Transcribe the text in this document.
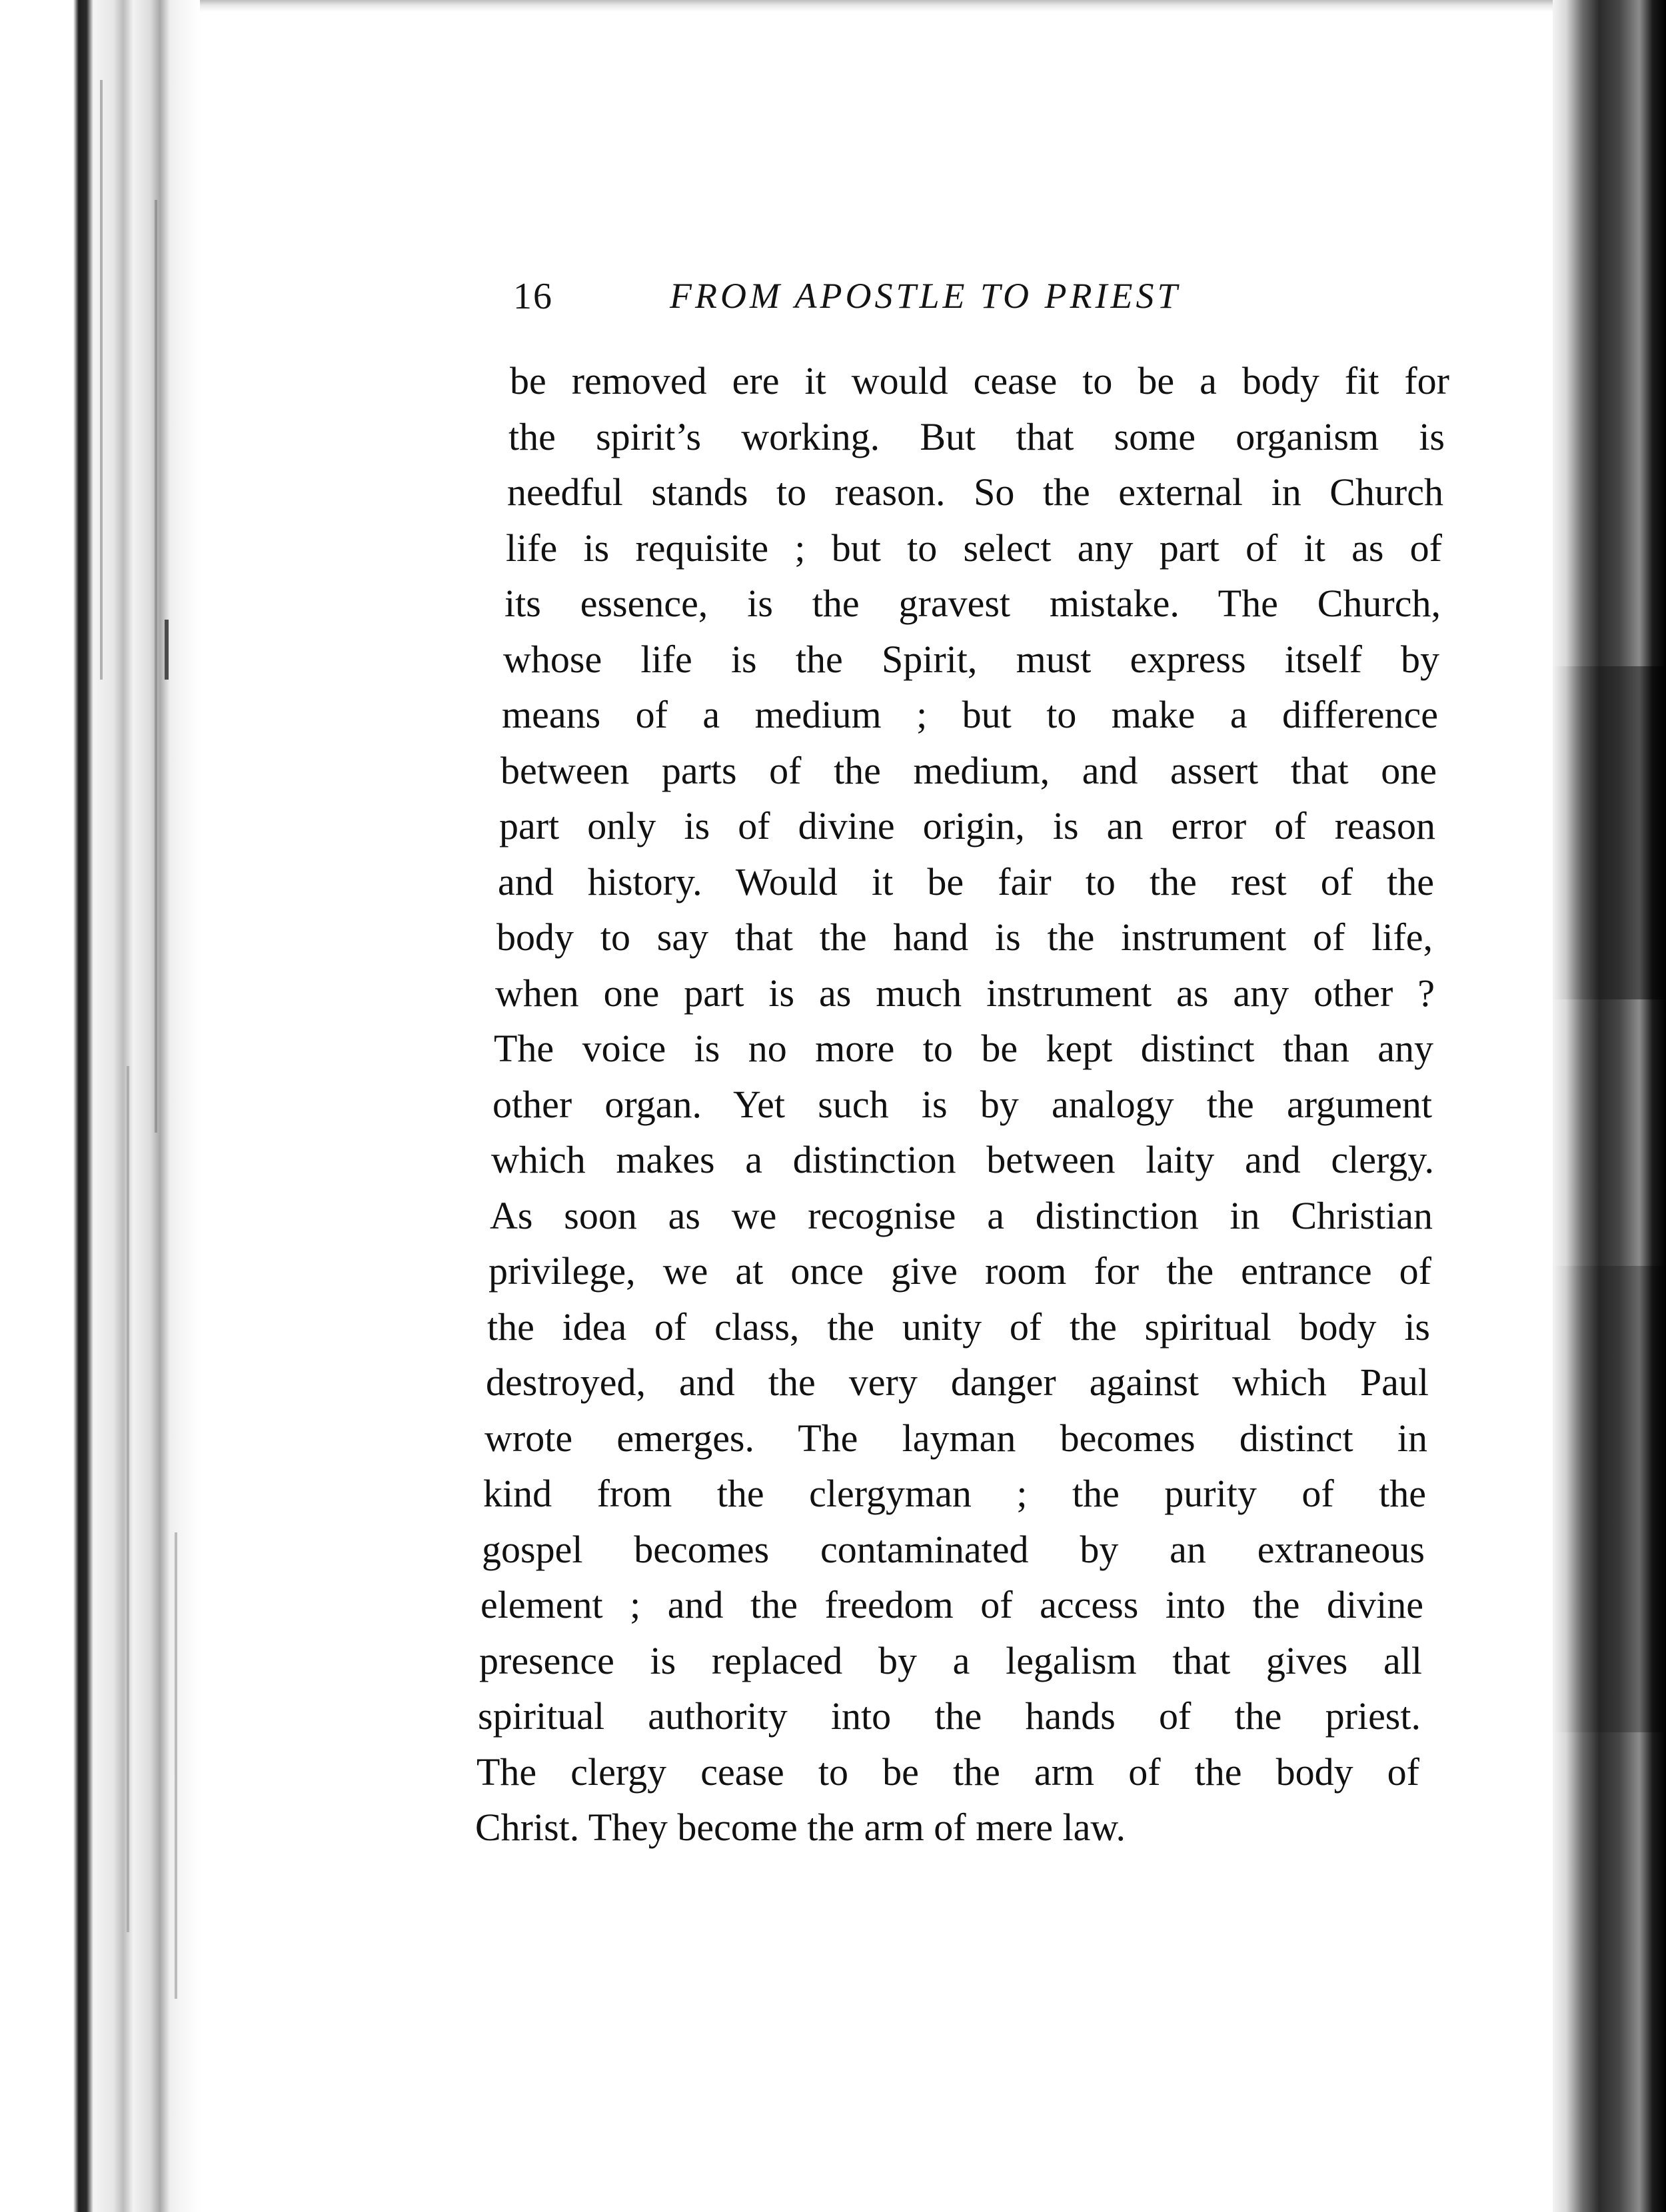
16	FROM APOSTLE TO PRIEST
be removed ere it would cease to be a body fit for
the spirit’s working. But that some organism is
needful stands to reason. So the external in Church
life is requisite ; but to select any part of it as of
its essence, is the gravest mistake. The Church,
whose life is the Spirit, must express itself by
means of a medium ; but to make a difference
between parts of the medium, and assert that one
part only is of divine origin, is an error of reason
and history. Would it be fair to the rest of the
body to say that the hand is the instrument of life,
when one part is as much instrument as any other ?
The voice is no more to be kept distinct than any
other organ. Yet such is by analogy the argument
which makes a distinction between laity and clergy.
As soon as we recognise a distinction in Christian
privilege, we at once give room for the entrance of
the idea of class, the unity of the spiritual body is
destroyed, and the very danger against which Paul
wrote emerges. The layman becomes distinct in
kind from the clergyman ; the purity of the
gospel becomes contaminated by an extraneous
element ; and the freedom of access into the divine
presence is replaced by a legalism that gives all
spiritual authority into the hands of the priest.
The clergy cease to be the arm of the body of
Christ. They become the arm of mere law.
